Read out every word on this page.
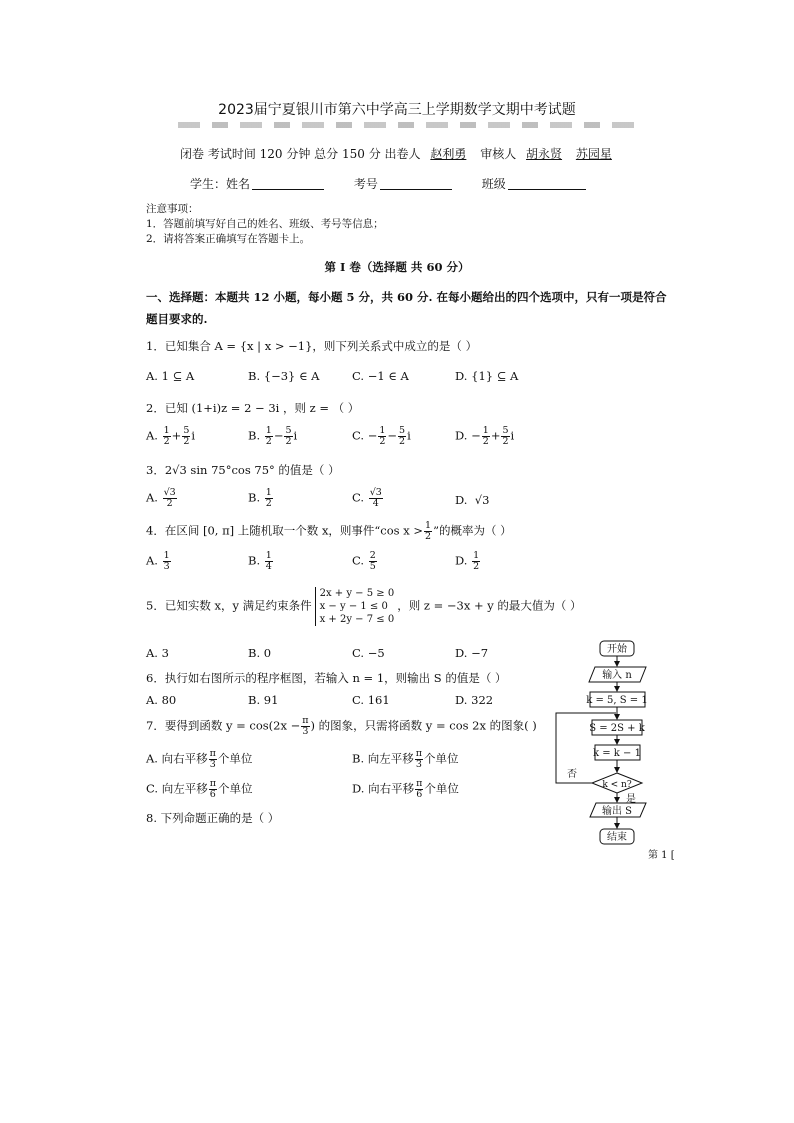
2023届宁夏银川市第六中学高三上学期数学文期中考试题
闭卷 考试时间 120 分钟 总分 150 分 出卷人 赵利勇 审核人 胡永贤 苏园星
学生：姓名	考号	班级
注意事项：
1．答题前填写好自己的姓名、班级、考号等信息；
2．请将答案正确填写在答题卡上。
第 I 卷（选择题 共 60 分）
一、选择题：本题共 12 小题，每小题 5 分，共 60 分. 在每小题给出的四个选项中，只有一项是符合
题目要求的.
1．已知集合 A = {x | x > −1}，则下列关系式中成立的是（ ）
A. 1 ⊆ A	B. {−3} ∈ A	C. −1 ∈ A	D. {1} ⊆ A
2．已知 (1+i)z = 2 − 3i ，则 z = （ ）
A. $\frac{1}{2} + \frac{5}{2}$ i	B. $\frac{1}{2} - \frac{5}{2}$ i	C. − $\frac{1}{2} - \frac{5}{2}$ i	D. − $\frac{1}{2} + \frac{5}{2}$ i
3．2√3 sin 75°cos 75° 的值是（ ）
A. $\frac{√3}{2}$	B. $\frac{1}{2}$	C. $\frac{√3}{4}$	D. √3
4．在区间 [0, π] 上随机取一个数 x，则事件“cos $x > \frac{1}{2}$ ”的概率为（ ）
A. $\frac{1}{3}$	B. $\frac{1}{4}$	C. $\frac{2}{5}$	D. $\frac{1}{2}$
5．已知实数 x，y 满足约束条件
2x + y − 5 ≥ 0
x − y − 1 ≤ 0
x + 2y − 7 ≤ 0
，则 z = −3x + y 的最大值为（ ）
A. 3	B. 0	C. −5	D. −7
6．执行如右图所示的程序框图，若输入 n = 1，则输出 S 的值是（ ）
A. 80	B. 91	C. 161	D. 322
7．要得到函数 $y = \cos(2x - \frac{\pi}{3}$ ) 的图象，只需将函数 y = cos 2x 的图象( )
A. 向右平移 $\frac{\pi}{3}$ 个单位	B. 向左平移 $\frac{\pi}{3}$ 个单位
C. 向左平移 $\frac{\pi}{6}$ 个单位	D. 向右平移 $\frac{\pi}{6}$ 个单位
8. 下列命题正确的是（ ）
开始
输入 n
k = 5, S = 1
S = 2S + k
k = k − 1
k < n?
否
是
输出 S
结束
第 1 [
